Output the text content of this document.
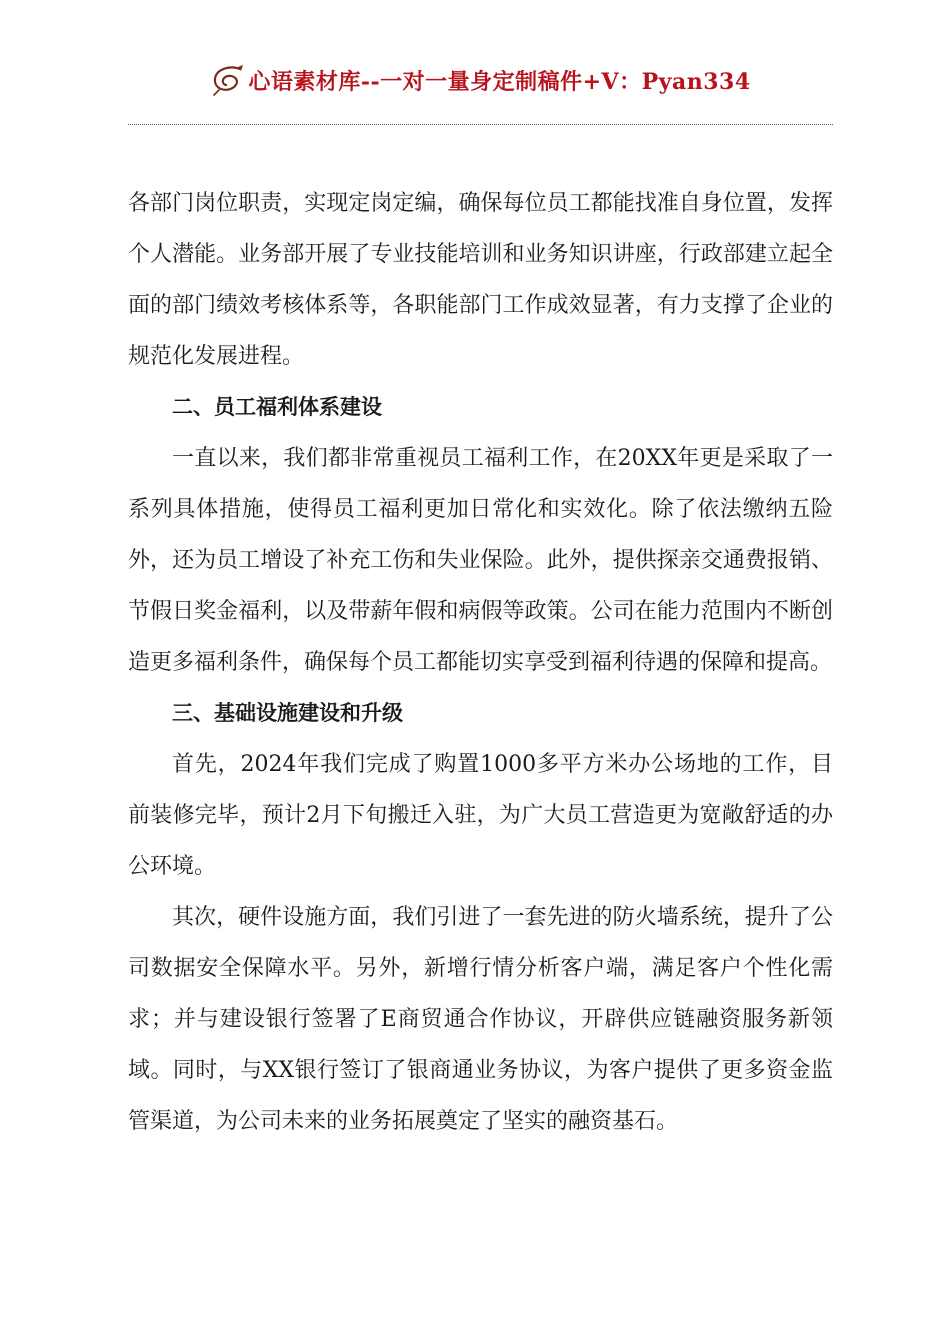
心语素材库--一对一量身定制稿件+V：Pyan334

各部门岗位职责，实现定岗定编，确保每位员工都能找准自身位置，发挥个人潜能。业务部开展了专业技能培训和业务知识讲座，行政部建立起全面的部门绩效考核体系等，各职能部门工作成效显著，有力支撑了企业的规范化发展进程。

二、员工福利体系建设

一直以来，我们都非常重视员工福利工作，在20XX年更是采取了一系列具体措施，使得员工福利更加日常化和实效化。除了依法缴纳五险外，还为员工增设了补充工伤和失业保险。此外，提供探亲交通费报销、节假日奖金福利，以及带薪年假和病假等政策。公司在能力范围内不断创造更多福利条件，确保每个员工都能切实享受到福利待遇的保障和提高。

三、基础设施建设和升级

首先，2024年我们完成了购置1000多平方米办公场地的工作，目前装修完毕，预计2月下旬搬迁入驻，为广大员工营造更为宽敞舒适的办公环境。

其次，硬件设施方面，我们引进了一套先进的防火墙系统，提升了公司数据安全保障水平。另外，新增行情分析客户端，满足客户个性化需求；并与建设银行签署了E商贸通合作协议，开辟供应链融资服务新领域。同时，与XX银行签订了银商通业务协议，为客户提供了更多资金监管渠道，为公司未来的业务拓展奠定了坚实的融资基石。
